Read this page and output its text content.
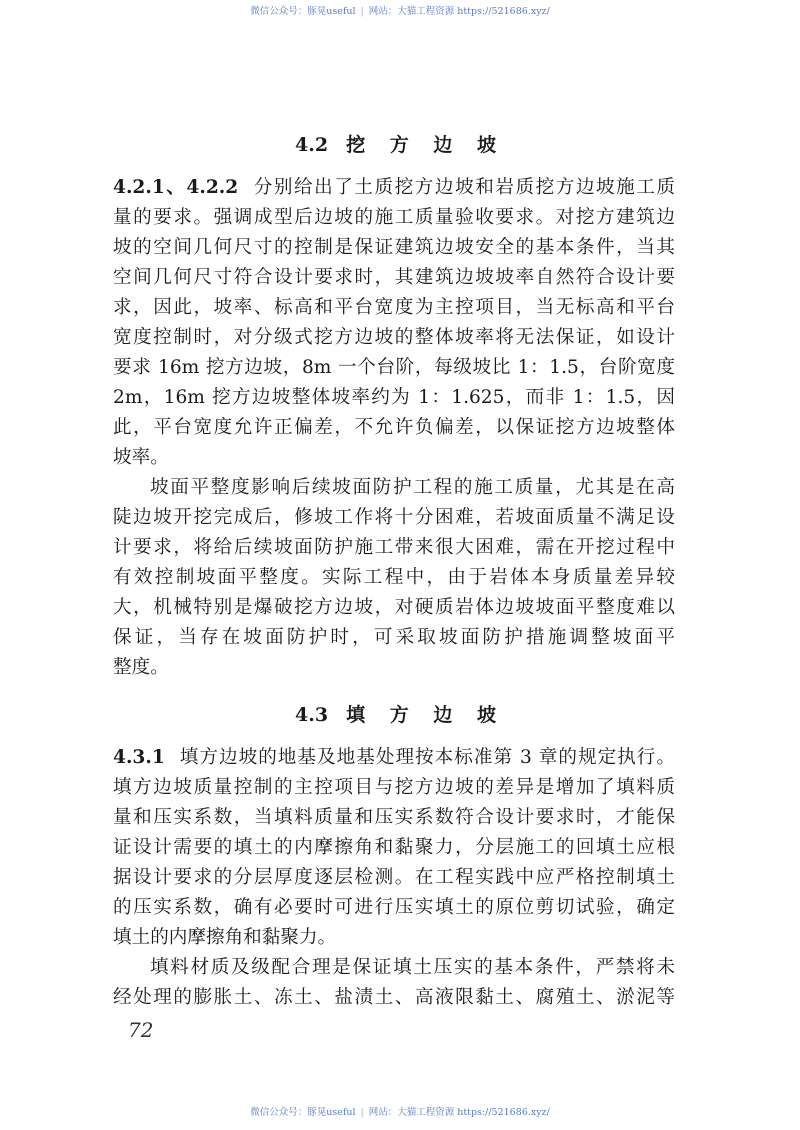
微信公众号：豚晃useful | 网站：大猫工程资源 https://521686.xyz/
4.2 挖 方 边 坡
4.2.1、4.2.2 分别给出了土质挖方边坡和岩质挖方边坡施工质
量的要求。强调成型后边坡的施工质量验收要求。对挖方建筑边
坡的空间几何尺寸的控制是保证建筑边坡安全的基本条件，当其
空间几何尺寸符合设计要求时，其建筑边坡坡率自然符合设计要
求，因此，坡率、标高和平台宽度为主控项目，当无标高和平台
宽度控制时，对分级式挖方边坡的整体坡率将无法保证，如设计
要求 16m 挖方边坡，8m 一个台阶，每级坡比 1：1.5，台阶宽度
2m，16m 挖方边坡整体坡率约为 1：1.625，而非 1：1.5，因
此，平台宽度允许正偏差，不允许负偏差，以保证挖方边坡整体
坡率。
坡面平整度影响后续坡面防护工程的施工质量，尤其是在高
陡边坡开挖完成后，修坡工作将十分困难，若坡面质量不满足设
计要求，将给后续坡面防护施工带来很大困难，需在开挖过程中
有效控制坡面平整度。实际工程中，由于岩体本身质量差异较
大，机械特别是爆破挖方边坡，对硬质岩体边坡坡面平整度难以
保证，当存在坡面防护时，可采取坡面防护措施调整坡面平
整度。
4.3 填 方 边 坡
4.3.1 填方边坡的地基及地基处理按本标准第 3 章的规定执行。
填方边坡质量控制的主控项目与挖方边坡的差异是增加了填料质
量和压实系数，当填料质量和压实系数符合设计要求时，才能保
证设计需要的填土的内摩擦角和黏聚力，分层施工的回填土应根
据设计要求的分层厚度逐层检测。在工程实践中应严格控制填土
的压实系数，确有必要时可进行压实填土的原位剪切试验，确定
填土的内摩擦角和黏聚力。
填料材质及级配合理是保证填土压实的基本条件，严禁将未
经处理的膨胀土、冻土、盐渍土、高液限黏土、腐殖土、淤泥等
72
微信公众号：豚晃useful | 网站：大猫工程资源 https://521686.xyz/
